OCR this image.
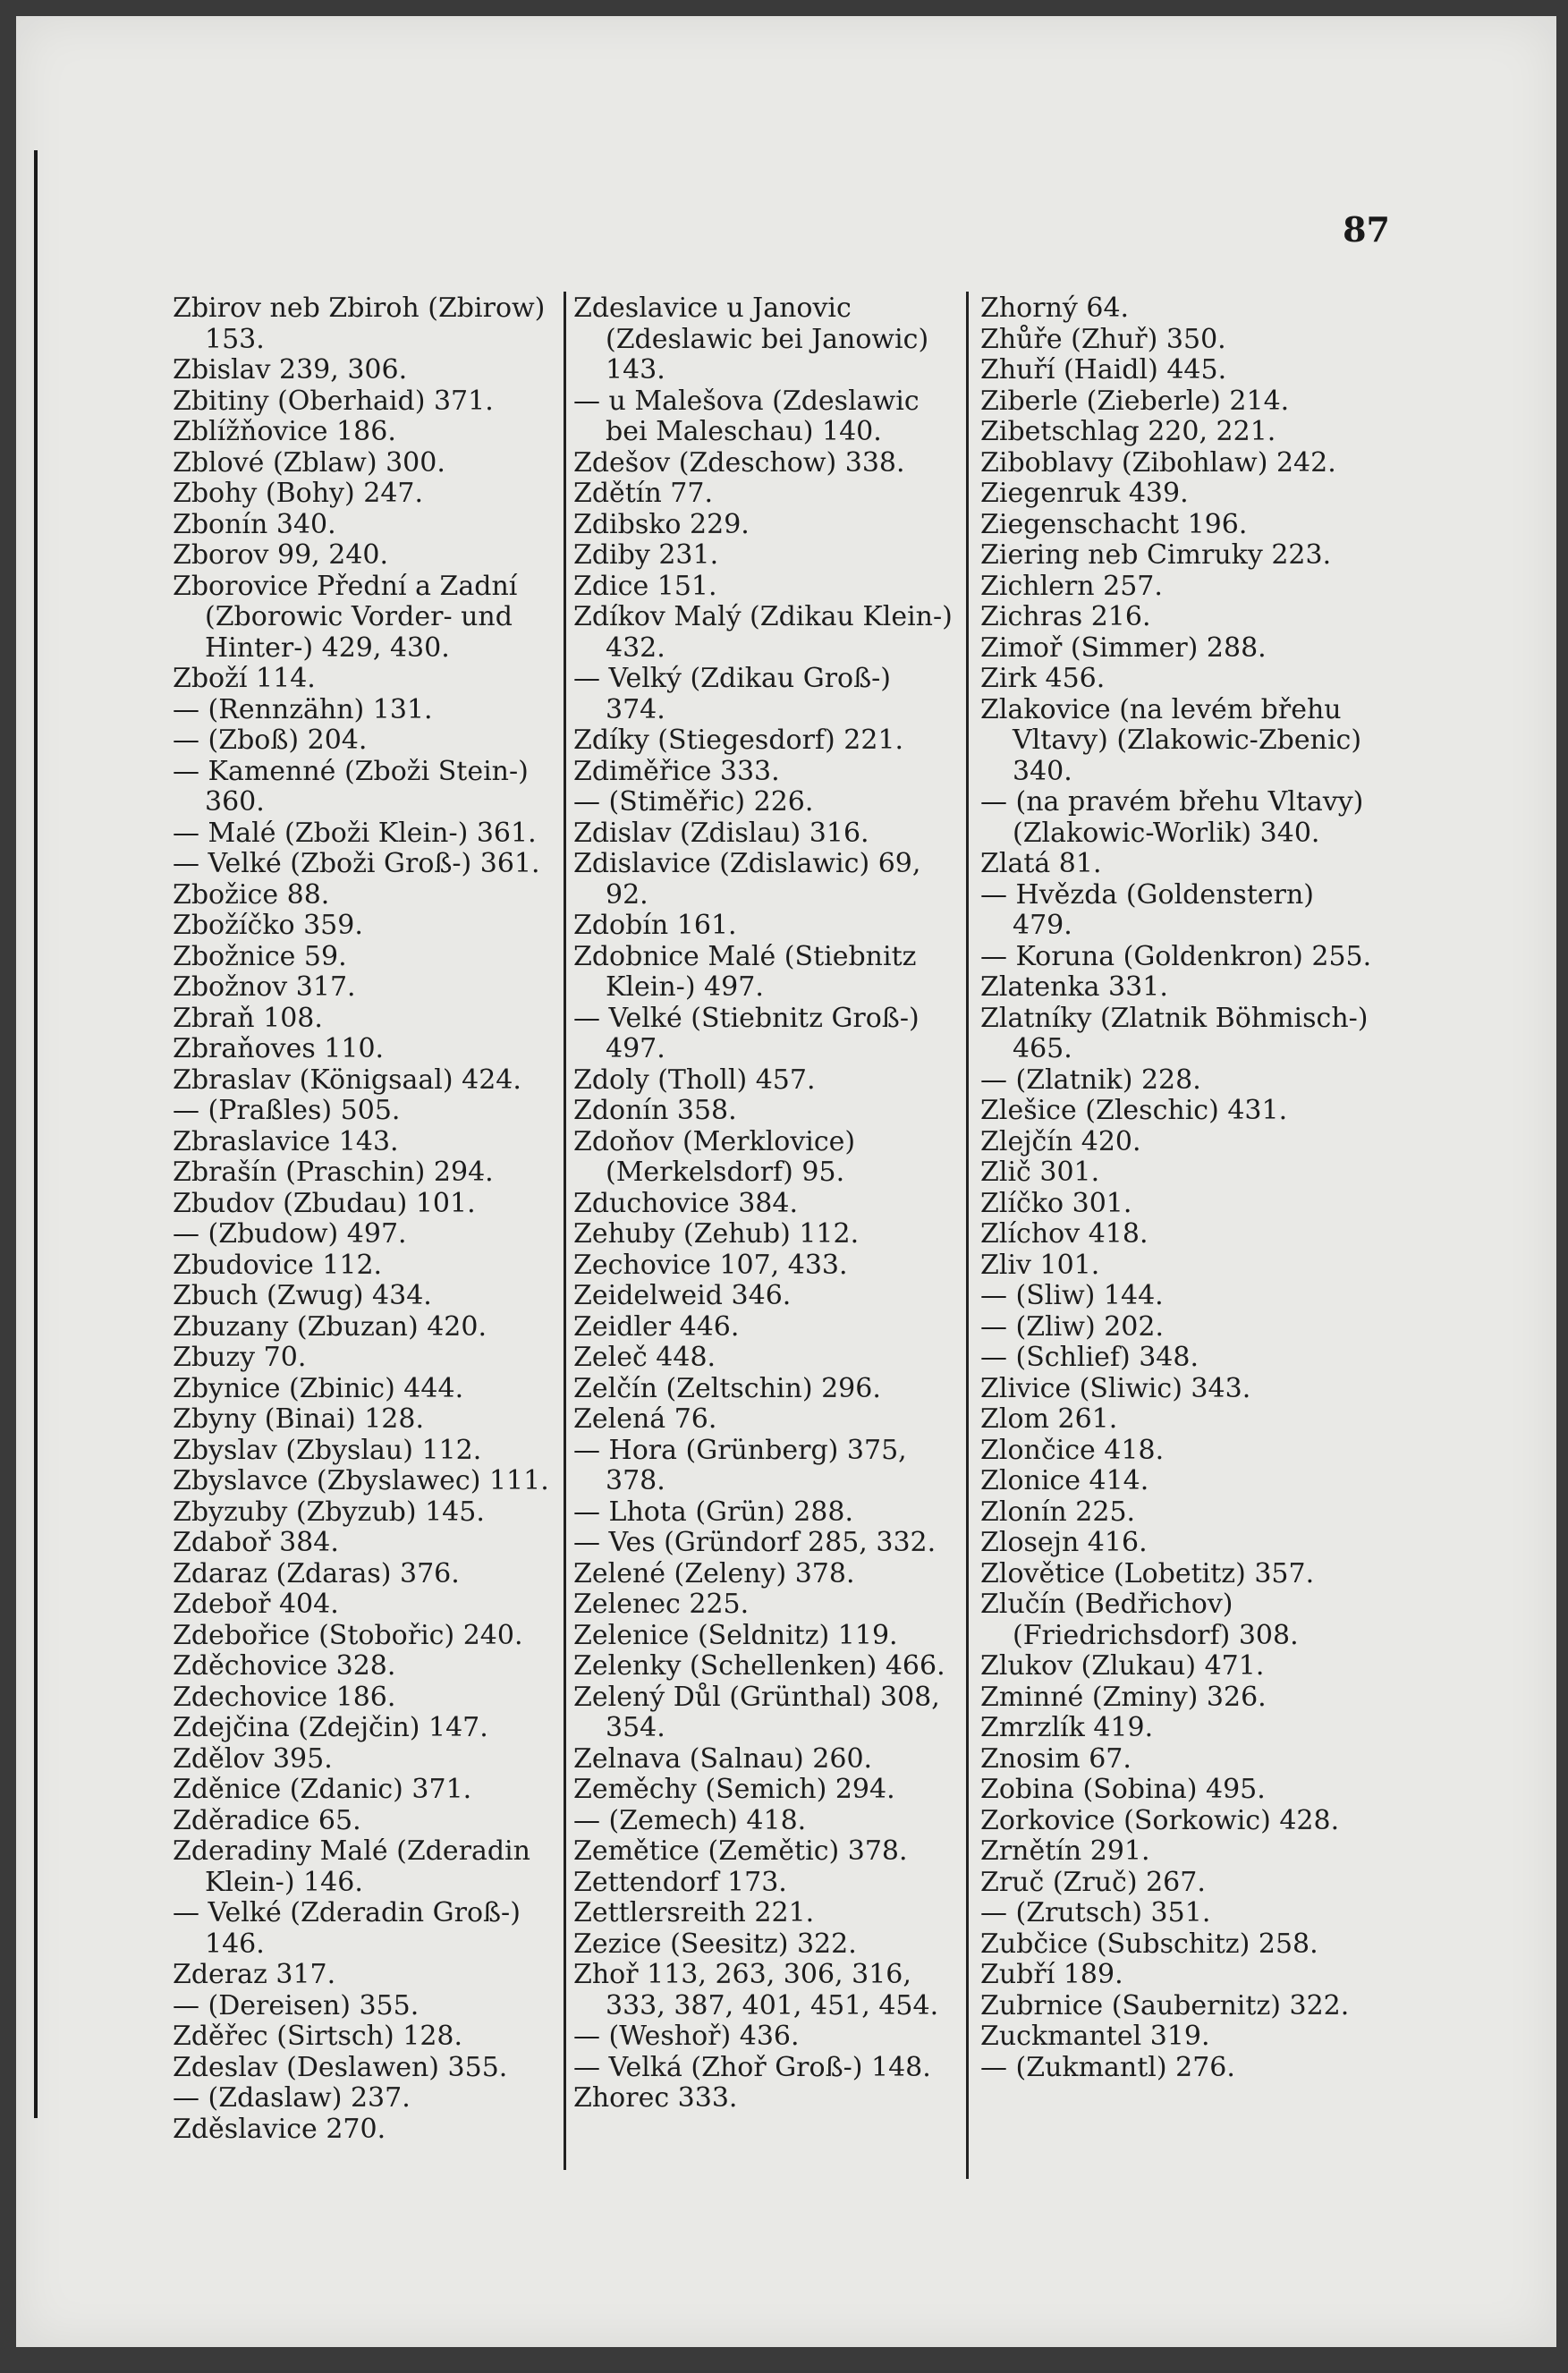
87
Zbirov neb Zbiroh (Zbirow) 153.
Zbislav 239, 306.
Zbitiny (Oberhaid) 371.
Zblížňovice 186.
Zblové (Zblaw) 300.
Zbohy (Bohy) 247.
Zbonín 340.
Zborov 99, 240.
Zborovice Přední a Zadní (Zborowic Vorder- und Hinter-) 429, 430.
Zboží 114.
— (Rennzähn) 131.
— (Zboß) 204.
— Kamenné (Zboži Stein-) 360.
— Malé (Zboži Klein-) 361.
— Velké (Zboži Groß-) 361.
Zbožice 88.
Zbožíčko 359.
Zbožnice 59.
Zbožnov 317.
Zbraň 108.
Zbraňoves 110.
Zbraslav (Königsaal) 424.
— (Praßles) 505.
Zbraslavice 143.
Zbrašín (Praschin) 294.
Zbudov (Zbudau) 101.
— (Zbudow) 497.
Zbudovice 112.
Zbuch (Zwug) 434.
Zbuzany (Zbuzan) 420.
Zbuzy 70.
Zbynice (Zbinic) 444.
Zbyny (Binai) 128.
Zbyslav (Zbyslau) 112.
Zbyslavce (Zbyslawec) 111.
Zbyzuby (Zbyzub) 145.
Zdaboř 384.
Zdaraz (Zdaras) 376.
Zdeboř 404.
Zdebořice (Stobořic) 240.
Zděchovice 328.
Zdechovice 186.
Zdejčina (Zdejčin) 147.
Zdělov 395.
Zděnice (Zdanic) 371.
Zděradice 65.
Zderadiny Malé (Zderadin Klein-) 146.
— Velké (Zderadin Groß-) 146.
Zderaz 317.
— (Dereisen) 355.
Zděřec (Sirtsch) 128.
Zdeslav (Deslawen) 355.
— (Zdaslaw) 237.
Zděslavice 270.
Zdeslavice u Janovic (Zdeslawic bei Janowic) 143.
— u Malešova (Zdeslawic bei Maleschau) 140.
Zdešov (Zdeschow) 338.
Zdětín 77.
Zdibsko 229.
Zdiby 231.
Zdice 151.
Zdíkov Malý (Zdikau Klein-) 432.
— Velký (Zdikau Groß-) 374.
Zdíky (Stiegesdorf) 221.
Zdiměřice 333.
— (Stiměřic) 226.
Zdislav (Zdislau) 316.
Zdislavice (Zdislawic) 69, 92.
Zdobín 161.
Zdobnice Malé (Stiebnitz Klein-) 497.
— Velké (Stiebnitz Groß-) 497.
Zdoly (Tholl) 457.
Zdonín 358.
Zdoňov (Merklovice) (Merkelsdorf) 95.
Zduchovice 384.
Zehuby (Zehub) 112.
Zechovice 107, 433.
Zeidelweid 346.
Zeidler 446.
Zeleč 448.
Zelčín (Zeltschin) 296.
Zelená 76.
— Hora (Grünberg) 375, 378.
— Lhota (Grün) 288.
— Ves (Gründorf 285, 332.
Zelené (Zeleny) 378.
Zelenec 225.
Zelenice (Seldnitz) 119.
Zelenky (Schellenken) 466.
Zelený Důl (Grünthal) 308, 354.
Zelnava (Salnau) 260.
Zeměchy (Semich) 294.
— (Zemech) 418.
Zemětice (Zemětic) 378.
Zettendorf 173.
Zettlersreith 221.
Zezice (Seesitz) 322.
Zhoř 113, 263, 306, 316, 333, 387, 401, 451, 454.
— (Weshoř) 436.
— Velká (Zhoř Groß-) 148.
Zhorec 333.
Zhorný 64.
Zhůře (Zhuř) 350.
Zhuří (Haidl) 445.
Ziberle (Zieberle) 214.
Zibetschlag 220, 221.
Ziboblavy (Zibohlaw) 242.
Ziegenruk 439.
Ziegenschacht 196.
Ziering neb Cimruky 223.
Zichlern 257.
Zichras 216.
Zimoř (Simmer) 288.
Zirk 456.
Zlakovice (na levém břehu Vltavy) (Zlakowic-Zbenic) 340.
— (na pravém břehu Vltavy) (Zlakowic-Worlik) 340.
Zlatá 81.
— Hvězda (Goldenstern) 479.
— Koruna (Goldenkron) 255.
Zlatenka 331.
Zlatníky (Zlatnik Böhmisch-) 465.
— (Zlatnik) 228.
Zlešice (Zleschic) 431.
Zlejčín 420.
Zlič 301.
Zlíčko 301.
Zlíchov 418.
Zliv 101.
— (Sliw) 144.
— (Zliw) 202.
— (Schlief) 348.
Zlivice (Sliwic) 343.
Zlom 261.
Zlončice 418.
Zlonice 414.
Zlonín 225.
Zlosejn 416.
Zlovětice (Lobetitz) 357.
Zlučín (Bedřichov) (Friedrichsdorf) 308.
Zlukov (Zlukau) 471.
Zminné (Zminy) 326.
Zmrzlík 419.
Znosim 67.
Zobina (Sobina) 495.
Zorkovice (Sorkowic) 428.
Zrnětín 291.
Zruč (Zruč) 267.
— (Zrutsch) 351.
Zubčice (Subschitz) 258.
Zubří 189.
Zubrnice (Saubernitz) 322.
Zuckmantel 319.
— (Zukmantl) 276.
